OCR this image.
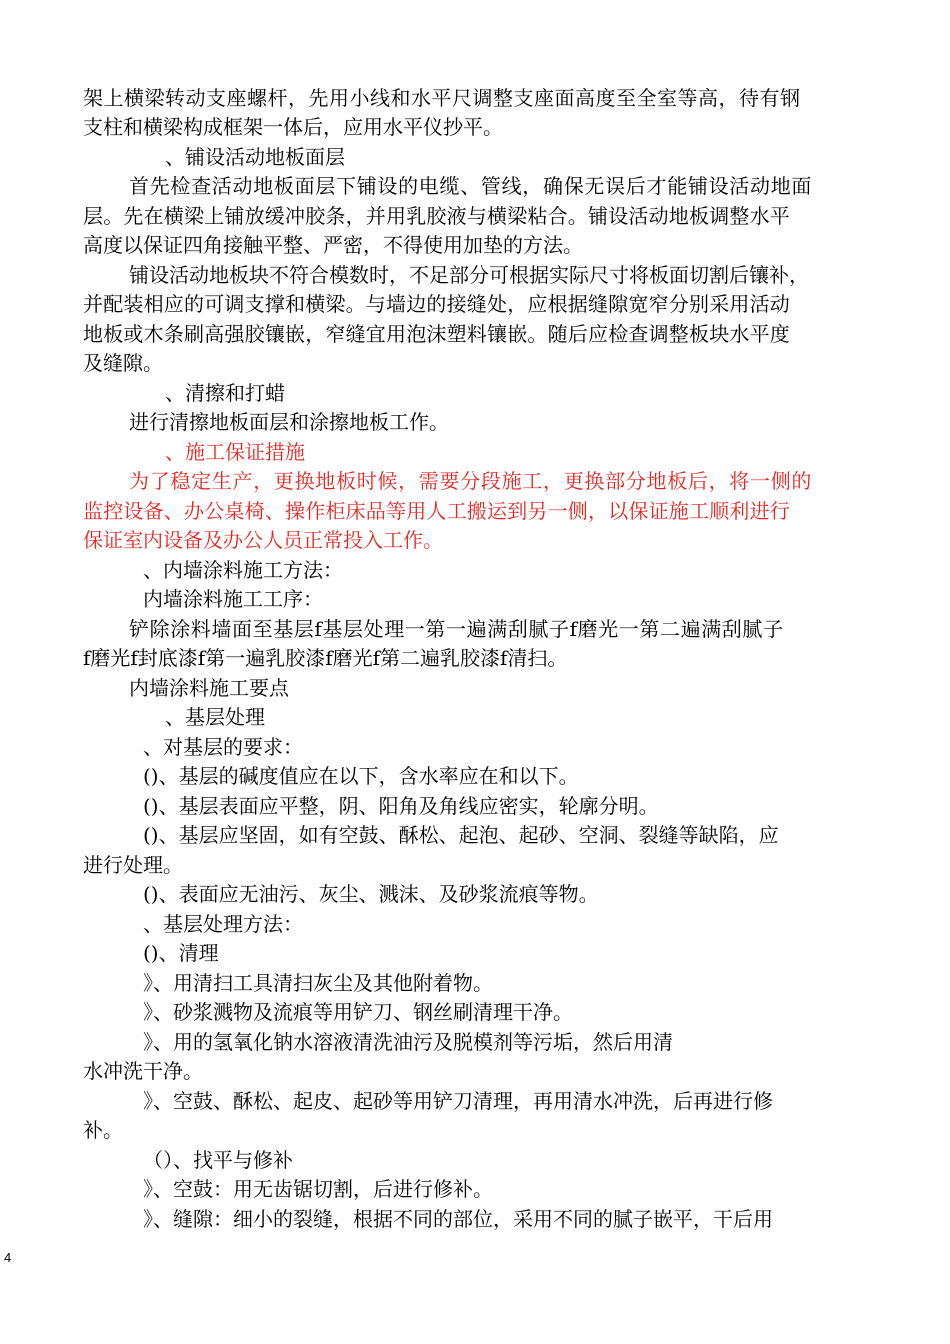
架上横梁转动支座螺杆，先用小线和水平尺调整支座面高度至全室等高，待有钢
支柱和横梁构成框架一体后，应用水平仪抄平。
、铺设活动地板面层
首先检查活动地板面层下铺设的电缆、管线，确保无误后才能铺设活动地面
层。先在横梁上铺放缓冲胶条，并用乳胶液与横梁粘合。铺设活动地板调整水平
高度以保证四角接触平整、严密，不得使用加垫的方法。
铺设活动地板块不符合模数时，不足部分可根据实际尺寸将板面切割后镶补，
并配装相应的可调支撑和横梁。与墙边的接缝处，应根据缝隙宽窄分别采用活动
地板或木条刷高强胶镶嵌，窄缝宜用泡沫塑料镶嵌。随后应检查调整板块水平度
及缝隙。
、清擦和打蜡
进行清擦地板面层和涂擦地板工作。
、施工保证措施
为了稳定生产，更换地板时候，需要分段施工，更换部分地板后，将一侧的
监控设备、办公桌椅、操作柜床品等用人工搬运到另一侧，以保证施工顺利进行
保证室内设备及办公人员正常投入工作。
、内墙涂料施工方法：
内墙涂料施工工序：
铲除涂料墙面至基层f基层处理一第一遍满刮腻子f磨光一第二遍满刮腻子
f磨光f封底漆f第一遍乳胶漆f磨光f第二遍乳胶漆f清扫。
内墙涂料施工要点
、基层处理
、对基层的要求：
()、基层的碱度值应在以下，含水率应在和以下。
()、基层表面应平整，阴、阳角及角线应密实，轮廓分明。
()、基层应坚固，如有空鼓、酥松、起泡、起砂、空洞、裂缝等缺陷，应
进行处理。
()、表面应无油污、灰尘、溅沫、及砂浆流痕等物。
、基层处理方法：
()、清理
》、用清扫工具清扫灰尘及其他附着物。
》、砂浆溅物及流痕等用铲刀、钢丝刷清理干净。
》、用的氢氧化钠水溶液清洗油污及脱模剂等污垢，然后用清
水冲洗干净。
》、空鼓、酥松、起皮、起砂等用铲刀清理，再用清水冲洗，后再进行修
补。
（）、找平与修补
》、空鼓：用无齿锯切割，后进行修补。
》、缝隙：细小的裂缝，根据不同的部位，采用不同的腻子嵌平，干后用
4
